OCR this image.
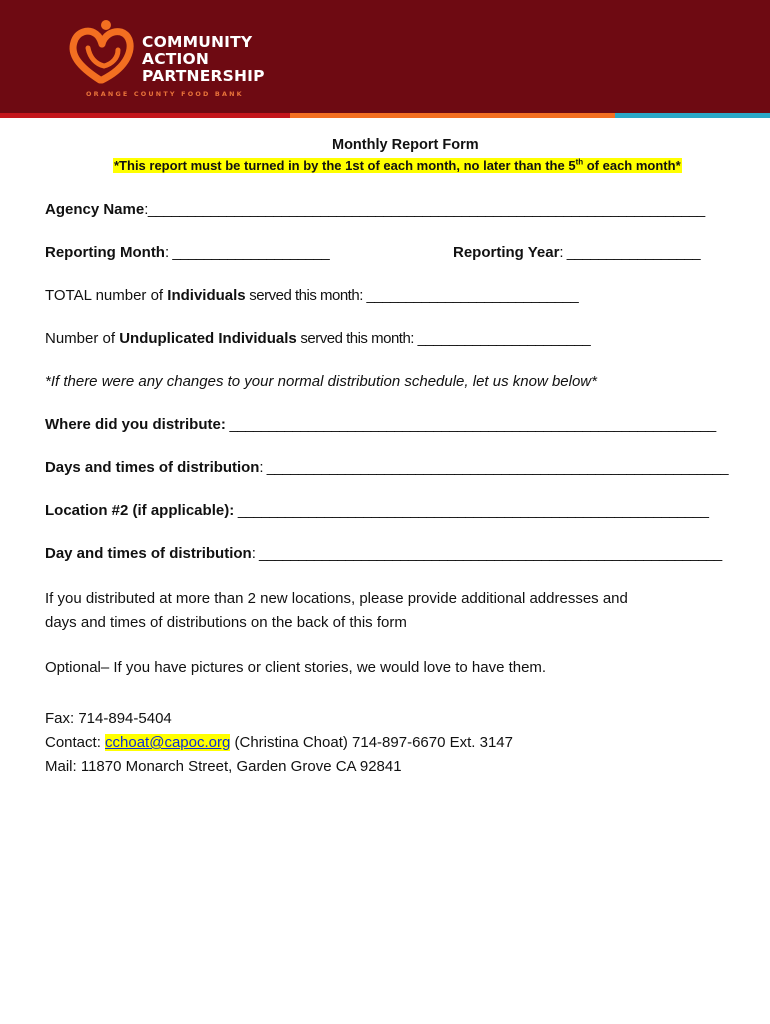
COMMUNITY
ACTION
PARTNERSHIP
ORANGE COUNTY FOOD BANK
Monthly Report Form
*This report must be turned in by the 1st of each month, no later than the 5th of each month*
Agency Name:_______________________________________________________________________
Reporting Month: ____________________	Reporting Year: _________________
TOTAL number of Individuals served this month: ___________________________
Number of Unduplicated Individuals served this month: ______________________
*If there were any changes to your normal distribution schedule, let us know below*
Where did you distribute: ______________________________________________________________
Days and times of distribution: ___________________________________________________________
Location #2 (if applicable): ____________________________________________________________
Day and times of distribution: ___________________________________________________________
If you distributed at more than 2 new locations, please provide additional addresses and
days and times of distributions on the back of this form
Optional– If you have pictures or client stories, we would love to have them.
Fax: 714-894-5404
Contact: cchoat@capoc.org (Christina Choat) 714-897-6670 Ext. 3147
Mail: 11870 Monarch Street, Garden Grove CA 92841
